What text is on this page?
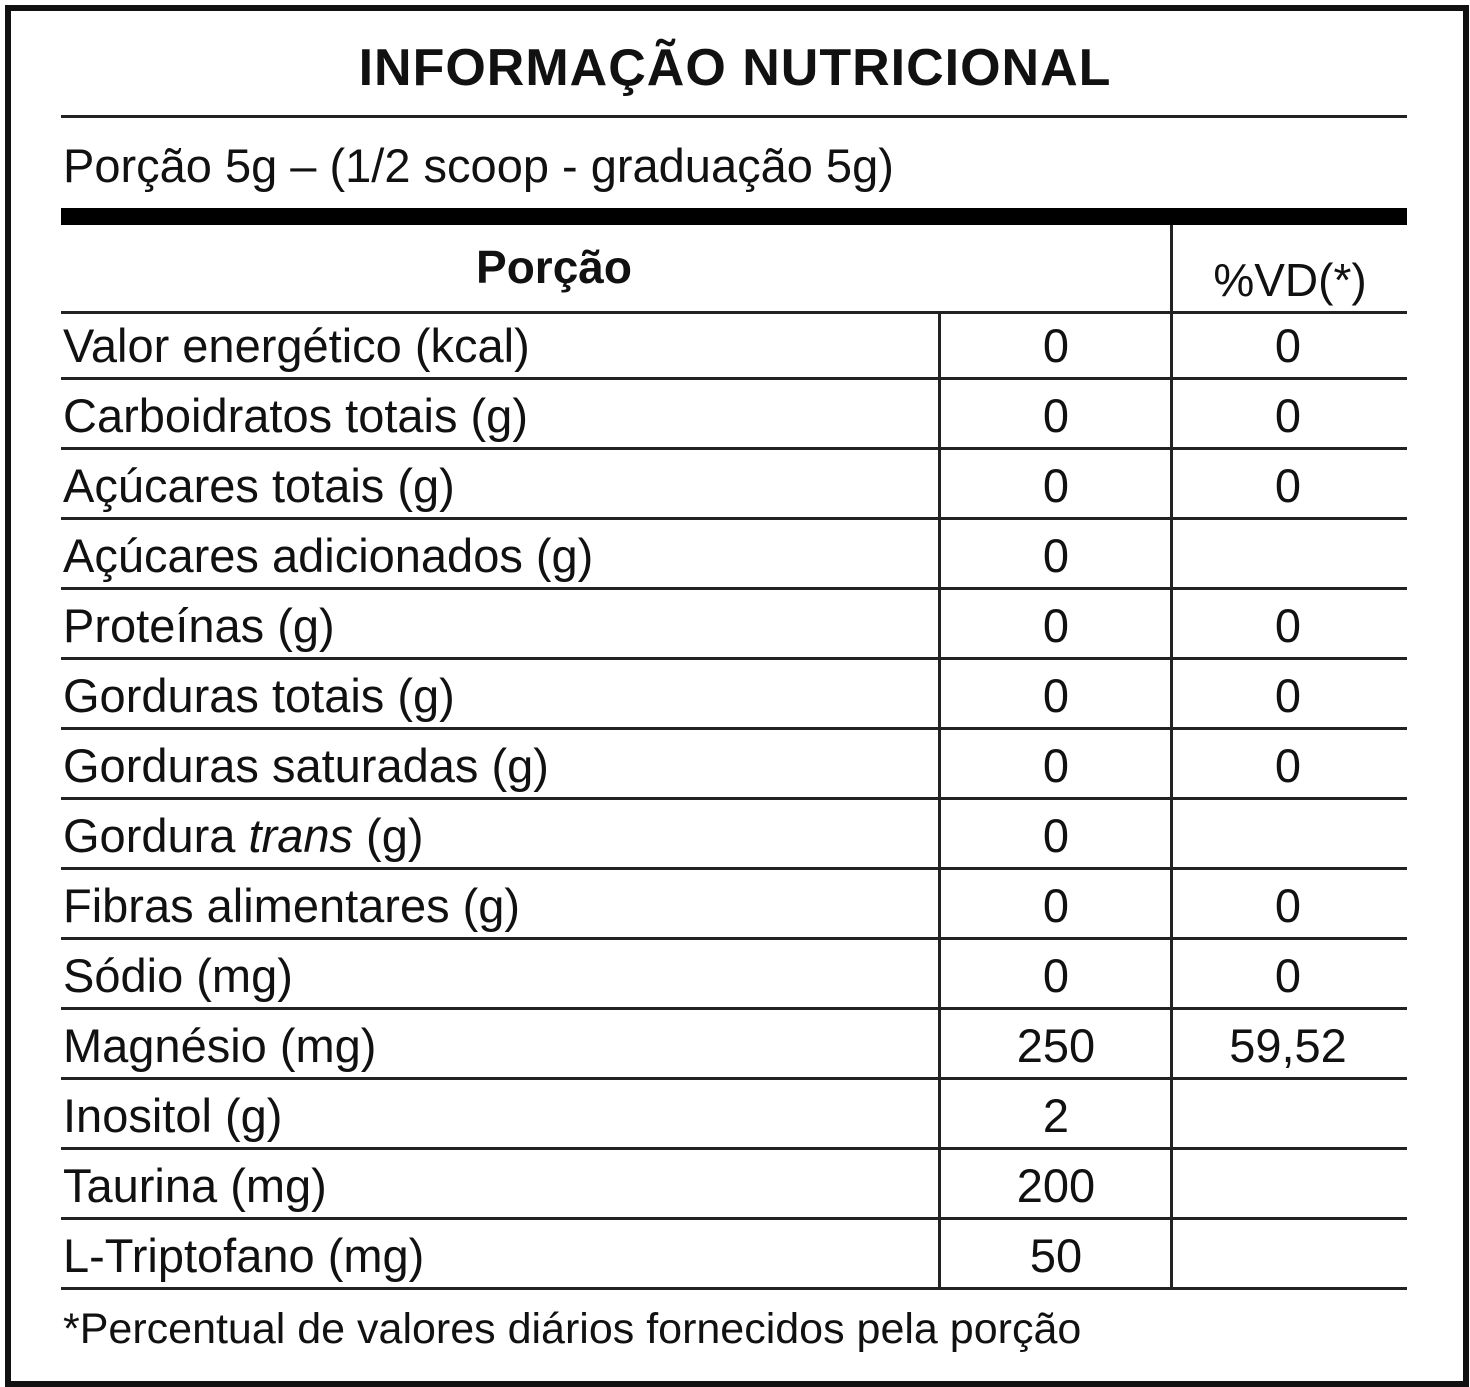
INFORMAÇÃO NUTRICIONAL
Porção 5g – (1/2 scoop - graduação 5g)
Porção	%VD(*)
Valor energético (kcal)	0	0
Carboidratos totais (g)	0	0
Açúcares totais (g)	0	0
Açúcares adicionados (g)	0
Proteínas (g)	0	0
Gorduras totais (g)	0	0
Gorduras saturadas (g)	0	0
Gordura trans (g)	0
Fibras alimentares (g)	0	0
Sódio (mg)	0	0
Magnésio (mg)	250	59,52
Inositol (g)	2
Taurina (mg)	200
L-Triptofano (mg)	50
*Percentual de valores diários fornecidos pela porção
